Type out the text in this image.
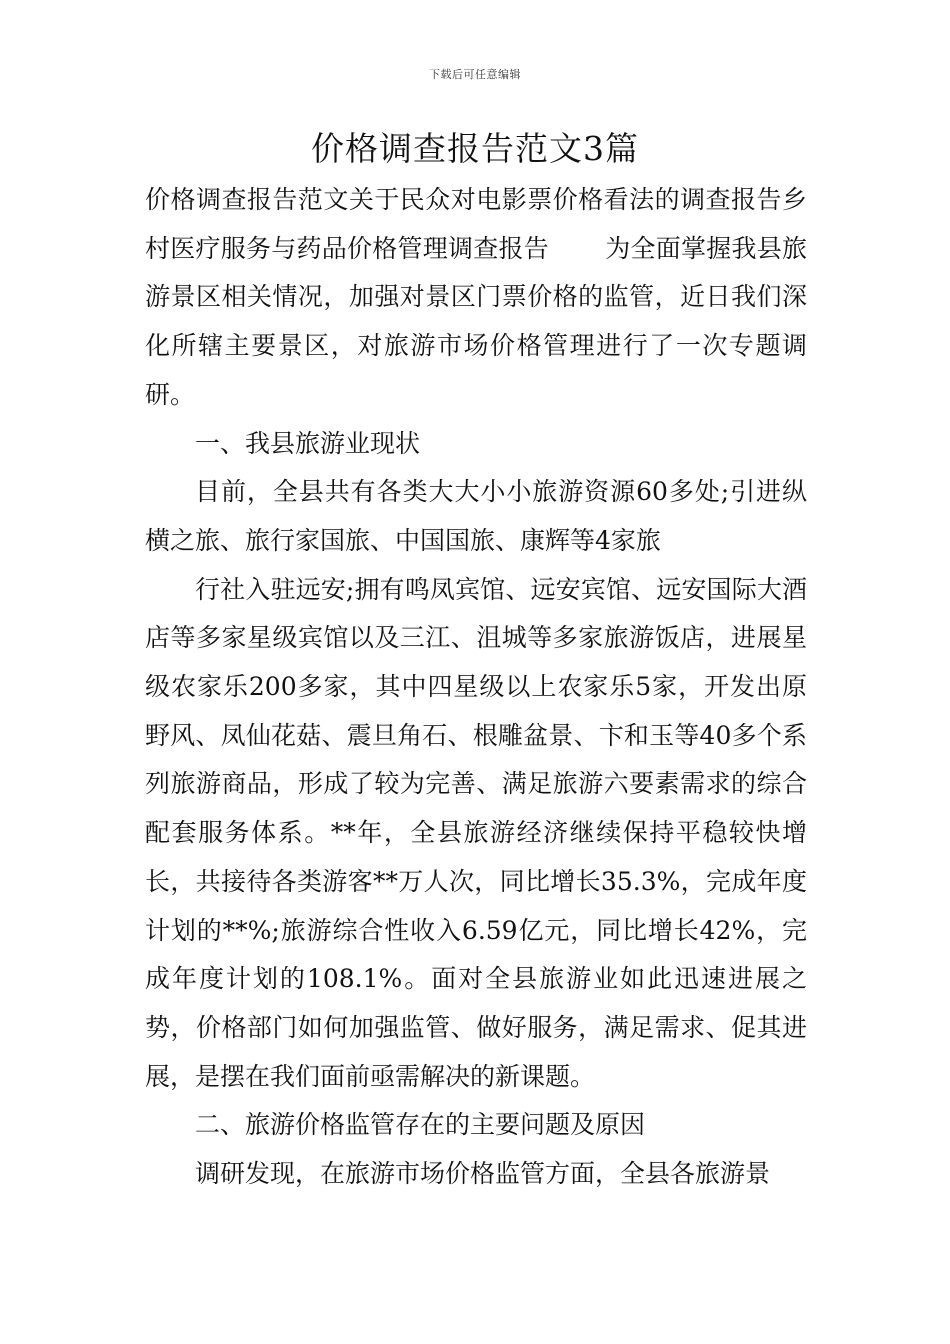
下载后可任意编辑
价格调查报告范文3篇

价格调查报告范文关于民众对电影票价格看法的调查报告乡村医疗服务与药品价格管理调查报告 为全面掌握我县旅游景区相关情况，加强对景区门票价格的监管，近日我们深化所辖主要景区，对旅游市场价格管理进行了一次专题调研。

一、我县旅游业现状

目前，全县共有各类大大小小旅游资源60多处;引进纵横之旅、旅行家国旅、中国国旅、康辉等4家旅

行社入驻远安;拥有鸣凤宾馆、远安宾馆、远安国际大酒店等多家星级宾馆以及三江、沮城等多家旅游饭店，进展星级农家乐200多家，其中四星级以上农家乐5家，开发出原野风、凤仙花菇、震旦角石、根雕盆景、卞和玉等40多个系列旅游商品，形成了较为完善、满足旅游六要素需求的综合配套服务体系。**年，全县旅游经济继续保持平稳较快增长，共接待各类游客**万人次，同比增长35.3%，完成年度计划的**%;旅游综合性收入6.59亿元，同比增长42%，完成年度计划的108.1%。面对全县旅游业如此迅速进展之势，价格部门如何加强监管、做好服务，满足需求、促其进展，是摆在我们面前亟需解决的新课题。

二、旅游价格监管存在的主要问题及原因

调研发现，在旅游市场价格监管方面，全县各旅游景
